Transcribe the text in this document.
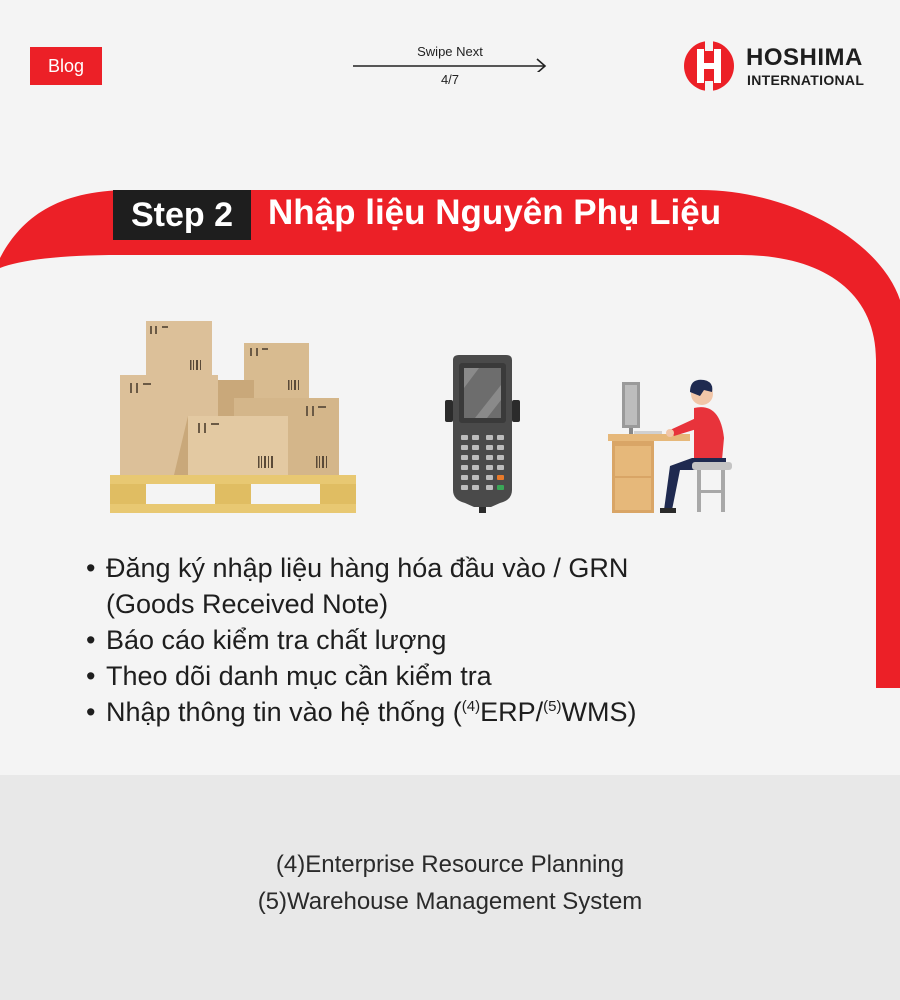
Blog
Swipe Next
4/7
HOSHIMA
INTERNATIONAL
Step 2 Nhập liệu Nguyên Phụ Liệu
• Đăng ký nhập liệu hàng hóa đầu vào / GRN
(Goods Received Note)
• Báo cáo kiểm tra chất lượng
• Theo dõi danh mục cần kiểm tra
• Nhập thông tin vào hệ thống ($^{(4)}$ERP/$^{(5)}$WMS)
(4)Enterprise Resource Planning
(5)Warehouse Management System
